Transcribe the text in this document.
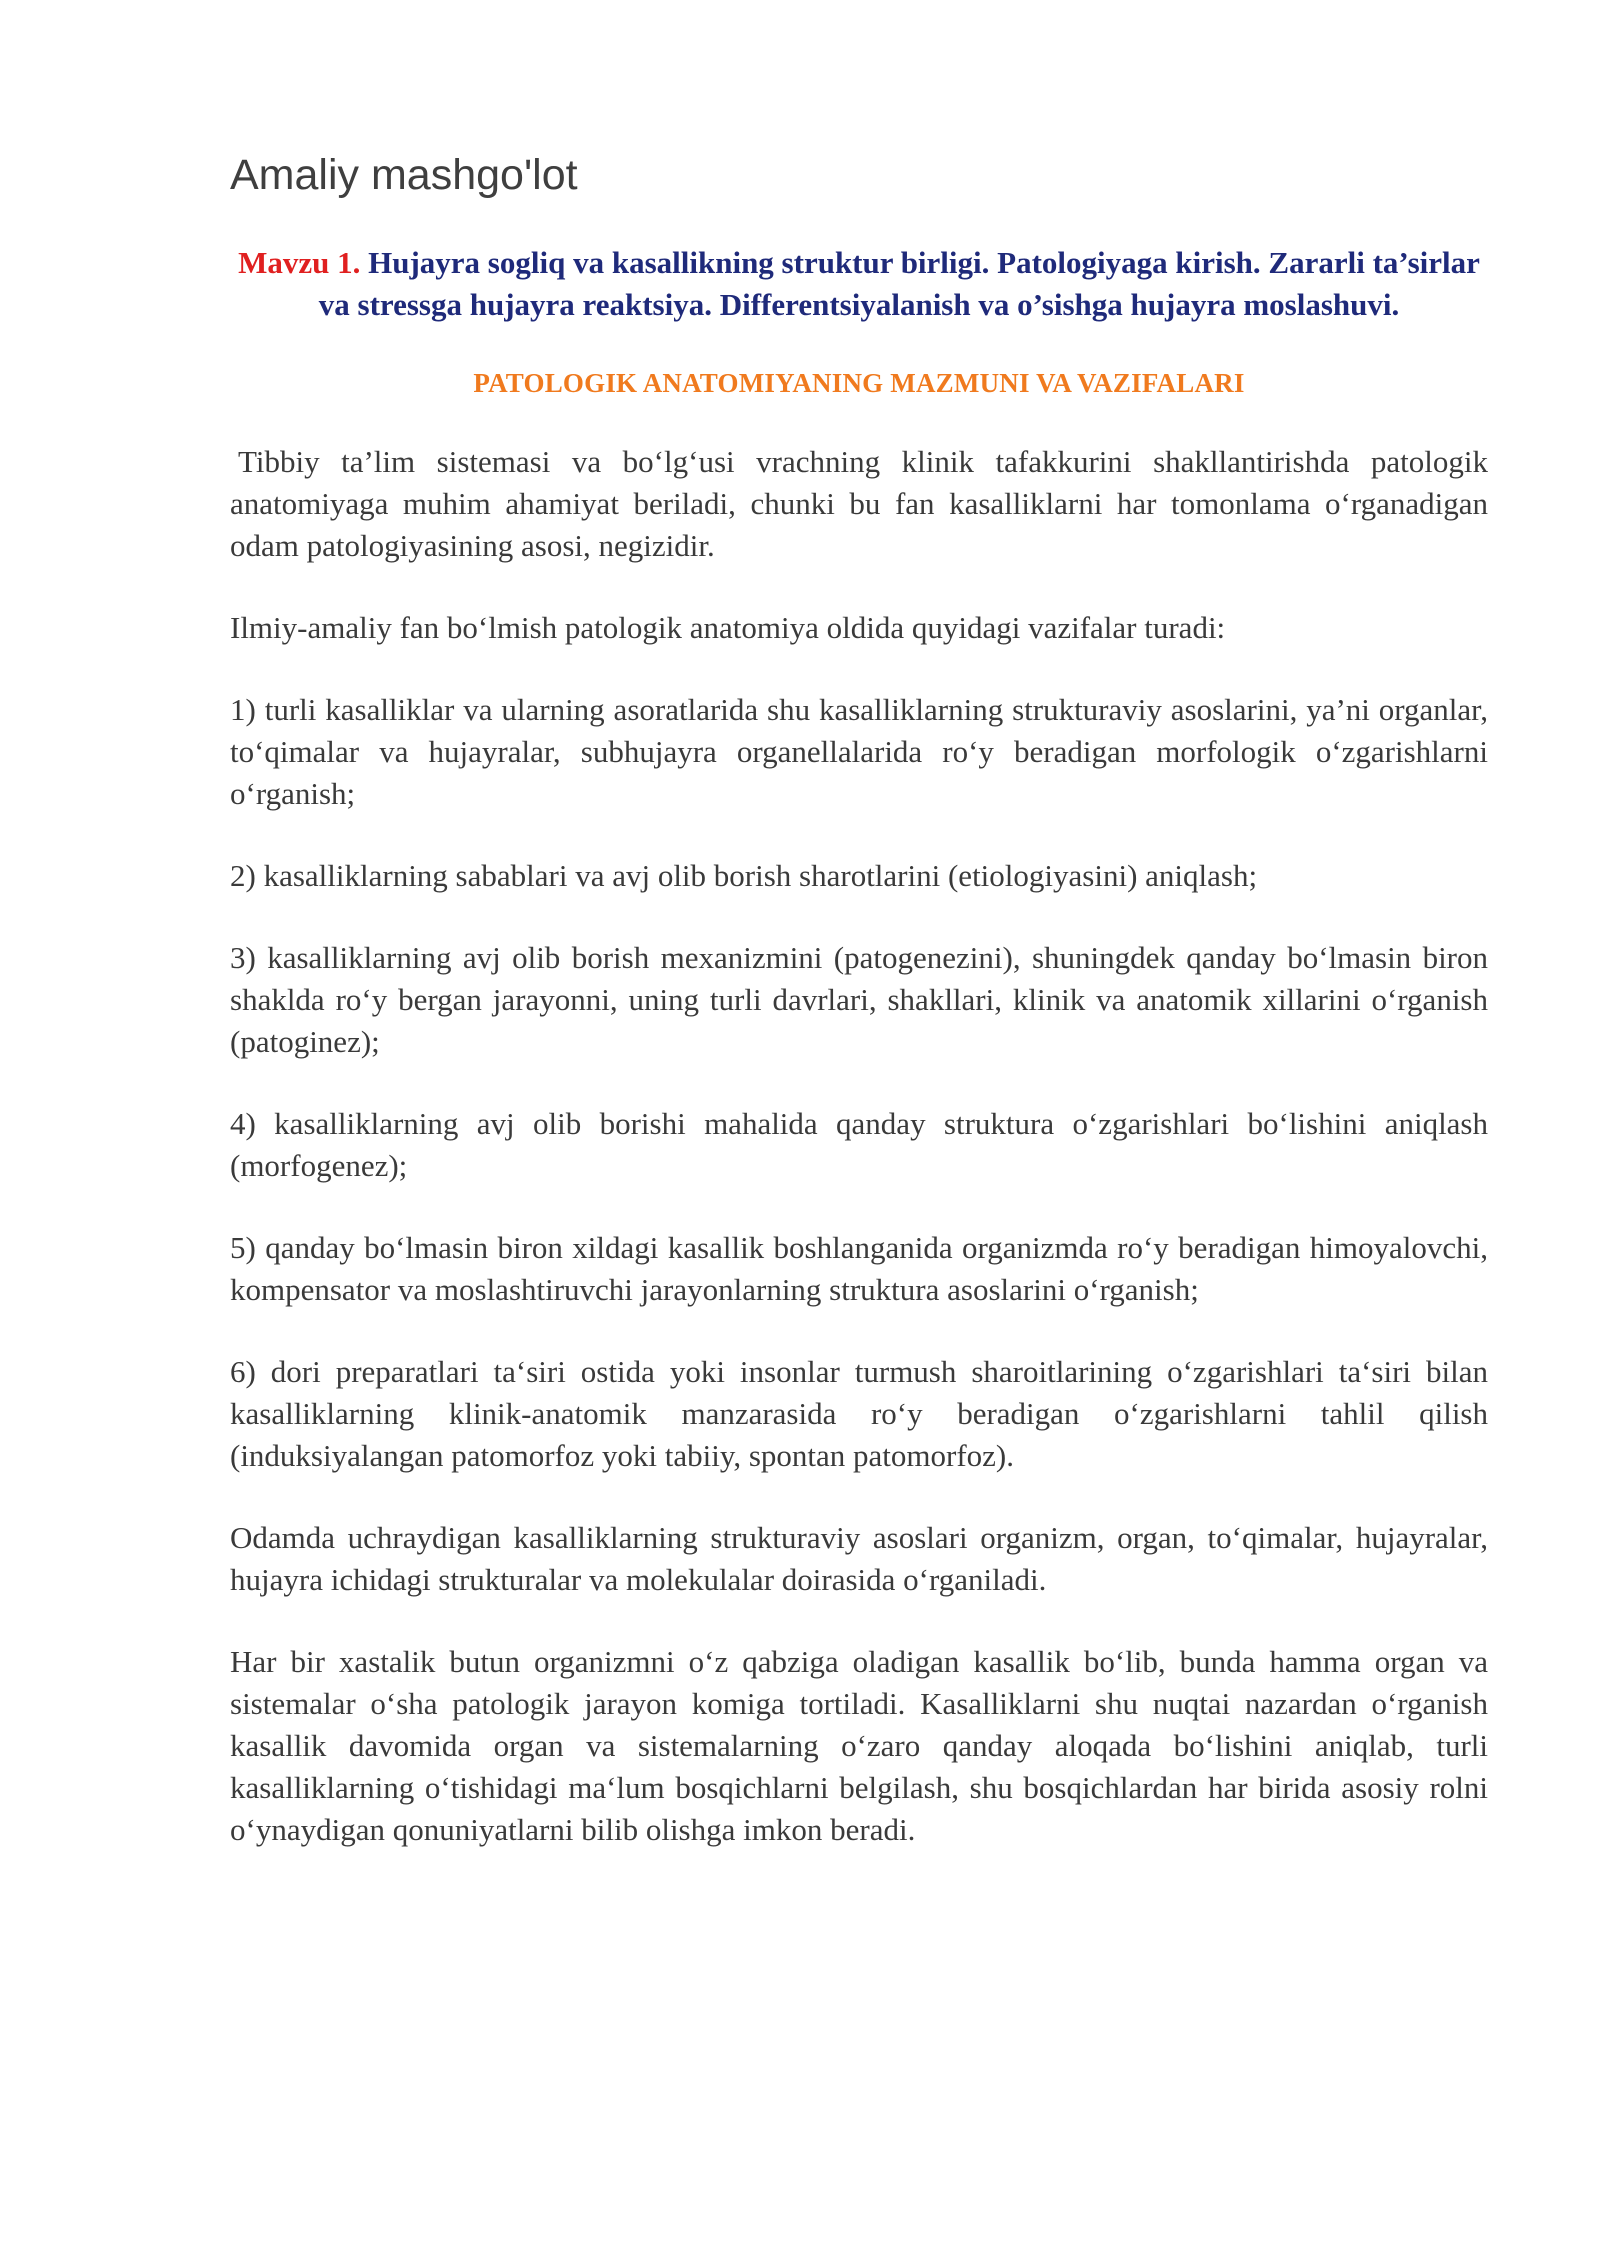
Amaliy mashgo'lot
Mavzu 1. Hujayra sogliq va kasallikning struktur birligi. Patologiyaga kirish. Zararli ta’sirlar va stressga hujayra reaktsiya. Differentsiyalanish va o’sishga hujayra moslashuvi.
PATOLOGIK ANATOMIYANING MAZMUNI VA VAZIFALARI

Tibbiy ta’lim sistemasi va boʻlgʻusi vrachning klinik tafakkurini shakllantirishda patologik anatomiyaga muhim ahamiyat beriladi, chunki bu fan kasalliklarni har tomonlama oʻrganadigan odam patologiyasining asosi, negizidir.

Ilmiy-amaliy fan boʻlmish patologik anatomiya oldida quyidagi vazifalar turadi:

1) turli kasalliklar va ularning asoratlarida shu kasalliklarning strukturaviy asoslarini, ya’ni organlar, toʻqimalar va hujayralar, subhujayra organellalarida roʻy beradigan morfologik oʻzgarishlarni oʻrganish;

2) kasalliklarning sabablari va avj olib borish sharotlarini (etiologiyasini) aniqlash;

3) kasalliklarning avj olib borish mexanizmini (patogenezini), shuningdek qanday boʻlmasin biron shaklda roʻy bergan jarayonni, uning turli davrlari, shakllari, klinik va anatomik xillarini oʻrganish (patoginez);

4) kasalliklarning avj olib borishi mahalida qanday struktura oʻzgarishlari boʻlishini aniqlash (morfogenez);

5) qanday boʻlmasin biron xildagi kasallik boshlanganida organizmda roʻy beradigan himoyalovchi, kompensator va moslashtiruvchi jarayonlarning struktura asoslarini oʻrganish;

6) dori preparatlari taʻsiri ostida yoki insonlar turmush sharoitlarining oʻzgarishlari taʻsiri bilan kasalliklarning klinik-anatomik manzarasida roʻy beradigan oʻzgarishlarni tahlil qilish (induksiyalangan patomorfoz yoki tabiiy, spontan patomorfoz).

Odamda uchraydigan kasalliklarning strukturaviy asoslari organizm, organ, toʻqimalar, hujayralar, hujayra ichidagi strukturalar va molekulalar doirasida oʻrganiladi.

Har bir xastalik butun organizmni oʻz qabziga oladigan kasallik boʻlib, bunda hamma organ va sistemalar oʻsha patologik jarayon komiga tortiladi. Kasalliklarni shu nuqtai nazardan oʻrganish kasallik davomida organ va sistemalarning oʻzaro qanday aloqada boʻlishini aniqlab, turli kasalliklarning oʻtishidagi maʻlum bosqichlarni belgilash, shu bosqichlardan har birida asosiy rolni oʻynaydigan qonuniyatlarni bilib olishga imkon beradi.
